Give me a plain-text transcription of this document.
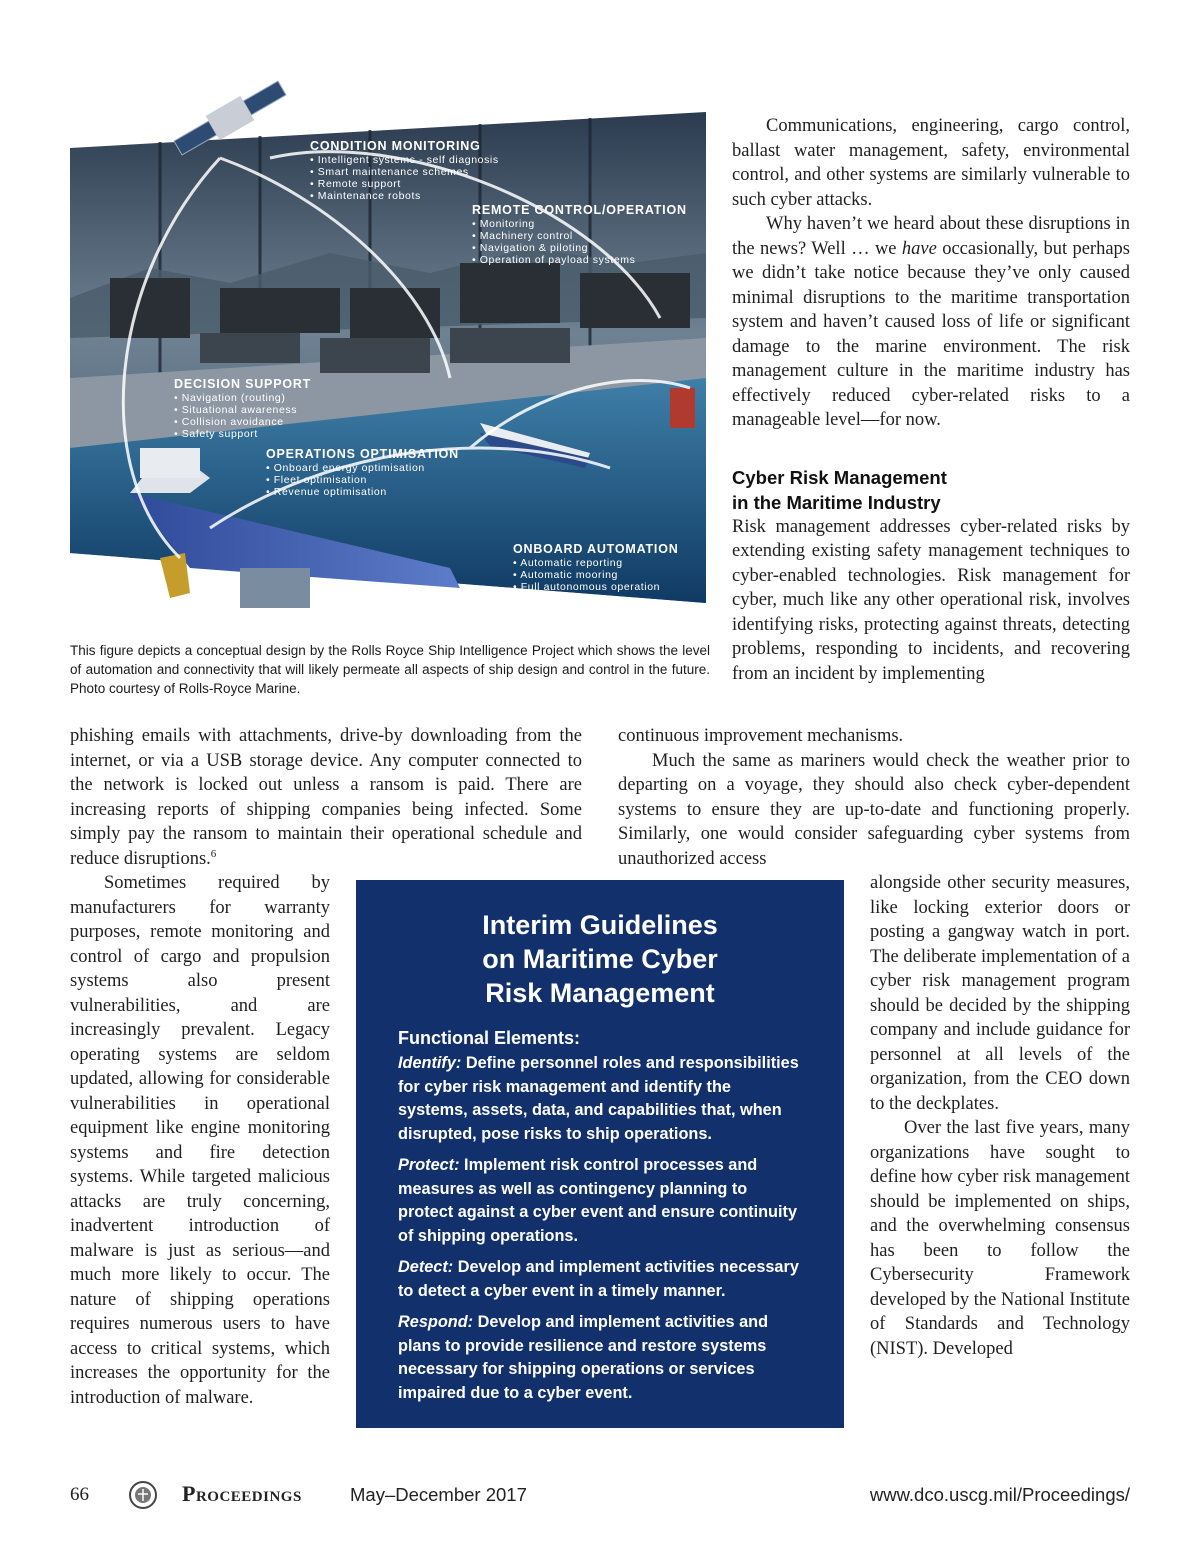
CONDITION MONITORING
• Intelligent systems - self diagnosis
• Smart maintenance schemes
• Remote support
• Maintenance robots
REMOTE CONTROL/OPERATION
• Monitoring
• Machinery control
• Navigation & piloting
• Operation of payload systems
DECISION SUPPORT
• Navigation (routing)
• Situational awareness
• Collision avoidance
• Safety support
OPERATIONS OPTIMISATION
• Onboard energy optimisation
• Fleet optimisation
• Revenue optimisation
ONBOARD AUTOMATION
• Automatic reporting
• Automatic mooring
• Full autonomous operation
This figure depicts a conceptual design by the Rolls Royce Ship Intelligence Project which shows the level of automation and connectivity that will likely permeate all aspects of ship design and control in the future. Photo courtesy of Rolls-Royce Marine.

Communications, engineering, cargo control, ballast water management, safety, environmental control, and other systems are similarly vulnerable to such cyber attacks.

Why haven’t we heard about these disruptions in the news? Well … we have occasionally, but perhaps we didn’t take notice because they’ve only caused minimal disruptions to the maritime transportation system and haven’t caused loss of life or significant damage to the marine environment. The risk management culture in the maritime industry has effectively reduced cyber-related risks to a manageable level—for now.

Cyber Risk Management
in the Maritime Industry

Risk management addresses cyber-related risks by extending existing safety management techniques to cyber-enabled technologies. Risk management for cyber, much like any other operational risk, involves identifying risks, protecting against threats, detecting problems, responding to incidents, and recovering from an incident by implementing

continuous improvement mechanisms.

Much the same as mariners would check the weather prior to departing on a voyage, they should also check cyber-dependent systems to ensure they are up-to-date and functioning properly. Similarly, one would consider safeguarding cyber systems from unauthorized access

alongside other security measures, like locking exterior doors or posting a gangway watch in port. The deliberate implementation of a cyber risk management program should be decided by the shipping company and include guidance for personnel at all levels of the organization, from the CEO down to the deckplates.

Over the last five years, many organizations have sought to define how cyber risk management should be implemented on ships, and the overwhelming consensus has been to follow the Cybersecurity Framework developed by the National Institute of Standards and Technology (NIST). Developed

phishing emails with attachments, drive-by downloading from the internet, or via a USB storage device. Any computer connected to the network is locked out unless a ransom is paid. There are increasing reports of shipping companies being infected. Some simply pay the ransom to maintain their operational schedule and reduce disruptions.$^6$

Sometimes required by manufacturers for warranty purposes, remote monitoring and control of cargo and propulsion systems also present vulnerabilities, and are increasingly prevalent. Legacy operating systems are seldom updated, allowing for considerable vulnerabilities in operational equipment like engine monitoring systems and fire detection systems. While targeted malicious attacks are truly concerning, inadvertent introduction of malware is just as serious—and much more likely to occur. The nature of shipping operations requires numerous users to have access to critical systems, which increases the opportunity for the introduction of malware.

Interim Guidelines
on Maritime Cyber
Risk Management

Functional Elements:

Identify: Define personnel roles and responsibilities for cyber risk management and identify the systems, assets, data, and capabilities that, when disrupted, pose risks to ship operations.

Protect: Implement risk control processes and measures as well as contingency planning to protect against a cyber event and ensure continuity of shipping operations.

Detect: Develop and implement activities necessary to detect a cyber event in a timely manner.

Respond: Develop and implement activities and plans to provide resilience and restore systems necessary for shipping operations or services impaired due to a cyber event.

66	Proceedings	May–December 2017	www.dco.uscg.mil/Proceedings/
